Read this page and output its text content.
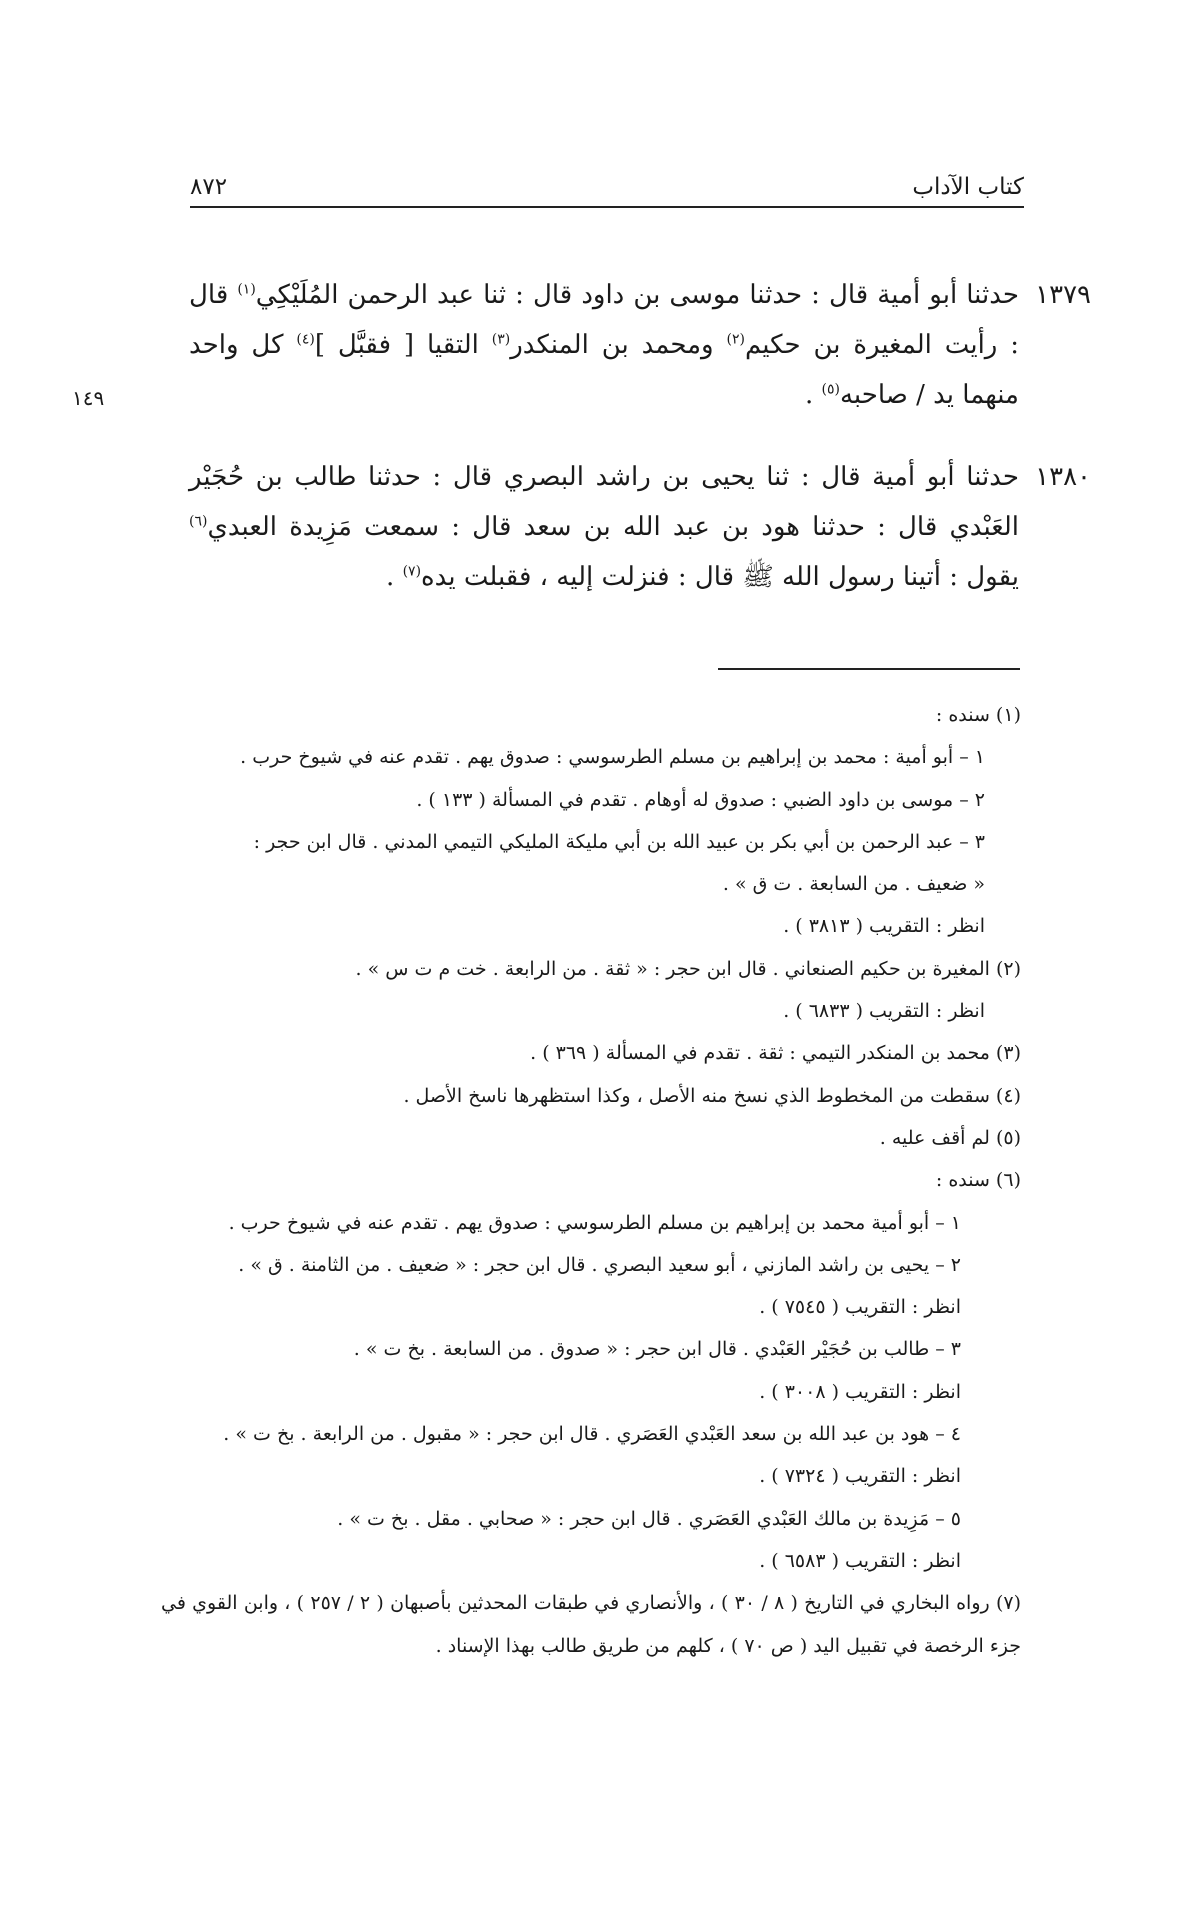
كتاب الآداب
٨٧٢
١٤٩
١٣٧٩
حدثنا أبو أمية قال : حدثنا موسى بن داود قال : ثنا عبد الرحمن المُلَيْكِي$^{(١)}$ قال : رأيت المغيرة بن حكيم$^{(٢)}$ ومحمد بن المنكدر$^{(٣)}$ التقيا [ فقبَّل ]$^{(٤)}$ كل واحد منهما يد / صاحبه$^{(٥)}$ .
١٣٨٠
حدثنا أبو أمية قال : ثنا يحيى بن راشد البصري قال : حدثنا طالب بن حُجَيْر العَبْدي قال : حدثنا هود بن عبد الله بن سعد قال : سمعت مَزِيدة العبدي$^{(٦)}$ يقول : أتينا رسول الله ﷺ قال : فنزلت إليه ، فقبلت يده$^{(٧)}$ .
(١) سنده :
١ – أبو أمية : محمد بن إبراهيم بن مسلم الطرسوسي : صدوق يهم . تقدم عنه في شيوخ حرب .
٢ – موسى بن داود الضبي : صدوق له أوهام . تقدم في المسألة ( ١٣٣ ) .
٣ – عبد الرحمن بن أبي بكر بن عبيد الله بن أبي مليكة المليكي التيمي المدني . قال ابن حجر :
« ضعيف . من السابعة . ت ق » .
انظر : التقريب ( ٣٨١٣ ) .
(٢) المغيرة بن حكيم الصنعاني . قال ابن حجر : « ثقة . من الرابعة . خت م ت س » .
انظر : التقريب ( ٦٨٣٣ ) .
(٣) محمد بن المنكدر التيمي : ثقة . تقدم في المسألة ( ٣٦٩ ) .
(٤) سقطت من المخطوط الذي نسخ منه الأصل ، وكذا استظهرها ناسخ الأصل .
(٥) لم أقف عليه .
(٦) سنده :
١ – أبو أمية محمد بن إبراهيم بن مسلم الطرسوسي : صدوق يهم . تقدم عنه في شيوخ حرب .
٢ – يحيى بن راشد المازني ، أبو سعيد البصري . قال ابن حجر : « ضعيف . من الثامنة . ق » .
انظر : التقريب ( ٧٥٤٥ ) .
٣ – طالب بن حُجَيْر العَبْدي . قال ابن حجر : « صدوق . من السابعة . بخ ت » .
انظر : التقريب ( ٣٠٠٨ ) .
٤ – هود بن عبد الله بن سعد العَبْدي العَصَري . قال ابن حجر : « مقبول . من الرابعة . بخ ت » .
انظر : التقريب ( ٧٣٢٤ ) .
٥ – مَزِيدة بن مالك العَبْدي العَصَري . قال ابن حجر : « صحابي . مقل . بخ ت » .
انظر : التقريب ( ٦٥٨٣ ) .
(٧) رواه البخاري في التاريخ ( ٨ / ٣٠ ) ، والأنصاري في طبقات المحدثين بأصبهان ( ٢ / ٢٥٧ ) ، وابن القوي في جزء الرخصة في تقبيل اليد ( ص ٧٠ ) ، كلهم من طريق طالب بهذا الإسناد .
